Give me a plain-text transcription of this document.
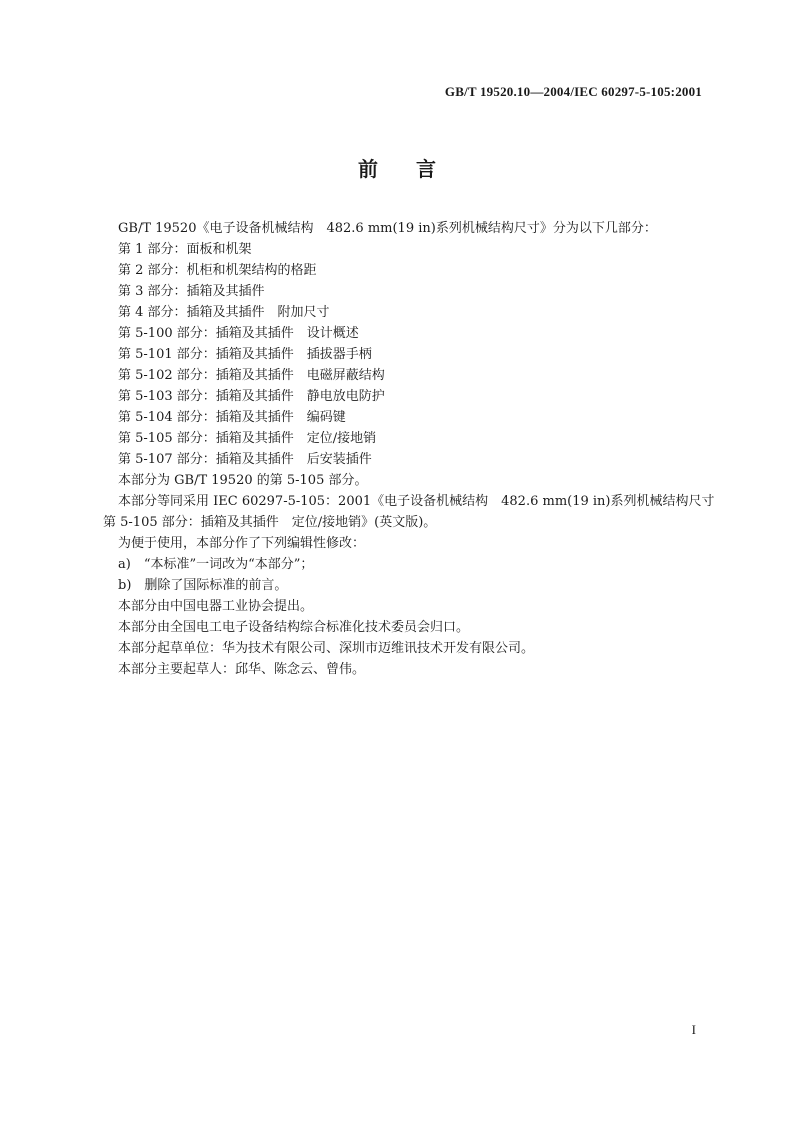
GB/T 19520.10—2004/IEC 60297-5-105:2001
前言
GB/T 19520《电子设备机械结构　482.6 mm(19 in)系列机械结构尺寸》分为以下几部分：
第 1 部分：面板和机架
第 2 部分：机柜和机架结构的格距
第 3 部分：插箱及其插件
第 4 部分：插箱及其插件　附加尺寸
第 5-100 部分：插箱及其插件　设计概述
第 5-101 部分：插箱及其插件　插拔器手柄
第 5-102 部分：插箱及其插件　电磁屏蔽结构
第 5-103 部分：插箱及其插件　静电放电防护
第 5-104 部分：插箱及其插件　编码键
第 5-105 部分：插箱及其插件　定位/接地销
第 5-107 部分：插箱及其插件　后安装插件
本部分为 GB/T 19520 的第 5-105 部分。
本部分等同采用 IEC 60297-5-105：2001《电子设备机械结构　482.6 mm(19 in)系列机械结构尺寸
第 5-105 部分：插箱及其插件　定位/接地销》(英文版)。
为便于使用，本部分作了下列编辑性修改：
a)　“本标准”一词改为“本部分”；
b)　删除了国际标准的前言。
本部分由中国电器工业协会提出。
本部分由全国电工电子设备结构综合标准化技术委员会归口。
本部分起草单位：华为技术有限公司、深圳市迈维讯技术开发有限公司。
本部分主要起草人：邱华、陈念云、曾伟。
I
